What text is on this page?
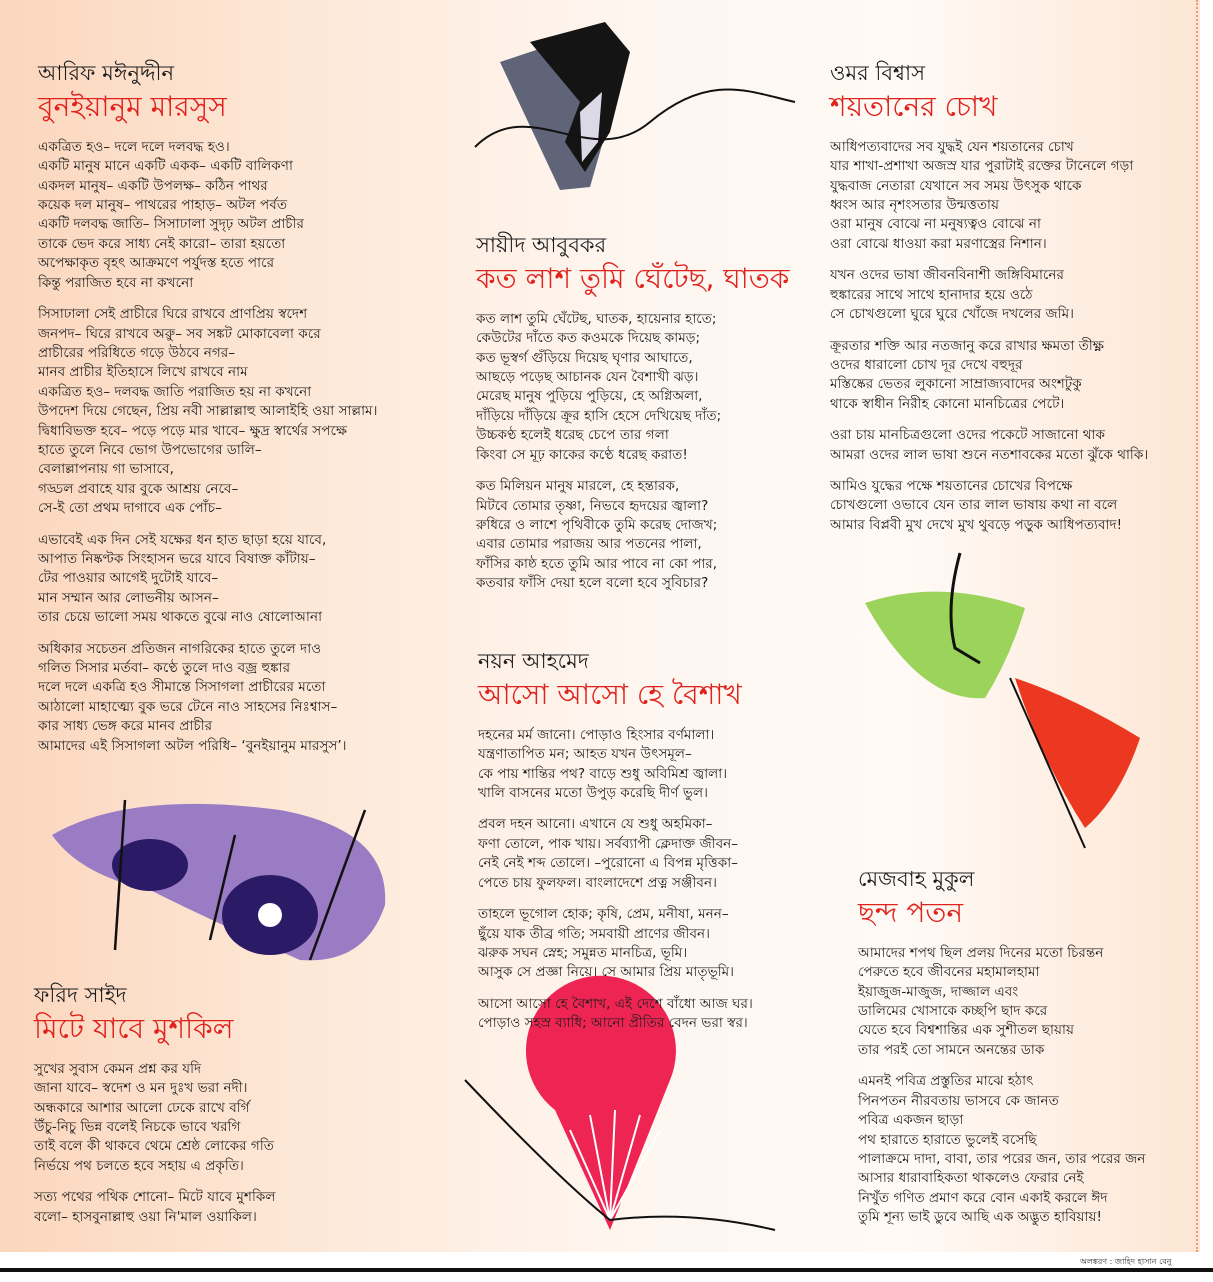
আরিফ মঈনুদ্দীন
বুনইয়ানুম মারসুস
একত্রিত হও– দলে দলে দলবদ্ধ হও।
একটি মানুষ মানে একটি একক– একটি বালিকণা
একদল মানুষ– একটি উপলক্ষ– কঠিন পাথর
কয়েক দল মানুষ– পাথরের পাহাড়– অটল পর্বত
একটি দলবদ্ধ জাতি– সিসাঢালা সুদৃঢ় অটল প্রাচীর
তাকে ভেদ করে সাধ্য নেই কারো– তারা হয়তো
অপেক্ষাকৃত বৃহৎ আক্রমণে পর্যুদস্ত হতে পারে
কিন্তু পরাজিত হবে না কখনো
সিসাঢালা সেই প্রাচীরে ঘিরে রাখবে প্রাণপ্রিয় স্বদেশ
জনপদ– ঘিরে রাখবে অরুু– সব সঙ্কট মোকাবেলা করে
প্রাচীরের পরিধিতে গড়ে উঠবে নগর–
মানব প্রাচীর ইতিহাসে লিখে রাখবে নাম
একত্রিত হও– দলবদ্ধ জাতি পরাজিত হয় না কখনো
উপদেশ দিয়ে গেছেন, প্রিয় নবী সাল্লাল্লাহু আলাইহি ওয়া সাল্লাম।
দ্বিধাবিভক্ত হবে– পড়ে পড়ে মার খাবে– ক্ষুদ্র স্বার্থের সপক্ষে
হাতে তুলে নিবে ভোগ উপভোগের ডালি–
বেলাল্লাপনায় গা ভাসাবে,
গড্ডল প্রবাহে যার বুকে আশ্রয় নেবে–
সে-ই তো প্রথম দাগাবে এক পোঁচ–
এভাবেই এক দিন সেই যক্ষের ধন হাত ছাড়া হয়ে যাবে,
আপাত নিষ্কণ্টক সিংহাসন ভরে যাবে বিষাক্ত কাঁটায়–
টের পাওয়ার আগেই দুটোই যাবে–
মান সম্মান আর লোভনীয় আসন–
তার চেয়ে ভালো সময় থাকতে বুঝে নাও ষোলোআনা
অধিকার সচেতন প্রতিজন নাগরিকের হাতে তুলে দাও
গলিত সিসার মর্তবা– কণ্ঠে তুলে দাও বজ্র হুঙ্কার
দলে দলে একত্রি হও সীমান্তে সিসাগলা প্রাচীরের মতো
আঠালো মাহাত্ম্যে বুক ভরে টেনে নাও সাহসের নিঃশ্বাস–
কার সাধ্য ভেঙ্গ করে মানব প্রাচীর
আমাদের এই সিসাগলা অটল পরিধি– ‘বুনইয়ানুম মারসুস’।
সায়ীদ আবুবকর
কত লাশ তুমি ঘেঁটেছ, ঘাতক
কত লাশ তুমি ঘেঁটেছ, ঘাতক, হায়েনার হাতে;
কেউটের দাঁতে কত কওমকে দিয়েছ কামড়;
কত ভূস্বর্গ গুঁড়িয়ে দিয়েছ ঘৃণার আঘাতে,
আছড়ে পড়েছ আচানক যেন বৈশাখী ঝড়।
মেরেছ মানুষ পুড়িয়ে পুড়িয়ে, হে অগ্নিঅলা,
দাঁড়িয়ে দাঁড়িয়ে ক্রূর হাসি হেসে দেখিয়েছ দাঁত;
উচ্চকণ্ঠ হলেই ধরেছ চেপে তার গলা
কিংবা সে মূঢ় কাকের কণ্ঠে ধরেছ করাত!
কত মিলিয়ন মানুষ মারলে, হে হন্তারক,
মিটবে তোমার তৃষ্ণা, নিভবে হৃদয়ের জ্বালা?
রুধিরে ও লাশে পৃথিবীকে তুমি করেছ দোজখ;
এবার তোমার পরাজয় আর পতনের পালা,
ফাঁসির কাষ্ঠ হতে তুমি আর পাবে না কো পার,
কতবার ফাঁসি দেয়া হলে বলো হবে সুবিচার?
নয়ন আহমেদ
আসো আসো হে বৈশাখ
দহনের মর্ম জানো। পোড়াও হিংসার বর্ণমালা।
যন্ত্রণাতাপিত মন; আহত যখন উৎসমূল–
কে পায় শান্তির পথ? বাড়ে শুধু অবিমিশ্র জ্বালা।
খালি বাসনের মতো উপুড় করেছি দীর্ণ ভুল।
প্রবল দহন আনো। এখানে যে শুধু অহমিকা–
ফণা তোলে, পাক খায়। সর্বব্যাপী ক্লেদাক্ত জীবন–
নেই নেই শব্দ তোলে। –পুরোনো এ বিপন্ন মৃত্তিকা–
পেতে চায় ফুলফল। বাংলাদেশে প্রত্ন সঞ্জীবন।
তাহলে ভূগোল হোক; কৃষি, প্রেম, মনীষা, মনন–
ছুঁয়ে যাক তীব্র গতি; সমবায়ী প্রাণের জীবন।
ঝরুক সঘন স্নেহ; সমুন্নত মানচিত্র, ভূমি।
আসুক সে প্রজ্ঞা নিয়ে। সে আমার প্রিয় মাতৃভূমি।
আসো আসো হে বৈশাখ, এই দেশে বাঁধো আজ ঘর।
পোড়াও সহস্র ব্যাধি; আনো প্রীতির বেদন ভরা স্বর।
ওমর বিশ্বাস
শয়তানের চোখ
আধিপত্যবাদের সব যুদ্ধই যেন শয়তানের চোখ
যার শাখা-প্রশাখা অজস্র যার পুরাটাই রক্তের টানেলে গড়া
যুদ্ধবাজ নেতারা যেখানে সব সময় উৎসুক থাকে
ধ্বংস আর নৃশংসতার উন্মত্ততায়
ওরা মানুষ বোঝে না মনুষ্যত্বও বোঝে না
ওরা বোঝে ধাওয়া করা মরণাস্ত্রের নিশান।
যখন ওদের ভাষা জীবনবিনাশী জঙ্গিবিমানের
হুঙ্কারের সাথে সাথে হানাদার হয়ে ওঠে
সে চোখগুলো ঘুরে ঘুরে খোঁজে দখলের জমি।
ক্রূরতার শক্তি আর নতজানু করে রাখার ক্ষমতা তীক্ষ্ণ
ওদের ধারালো চোখ দূর দেখে বহুদূর
মস্তিষ্কের ভেতর লুকানো সাম্রাজ্যবাদের অংশটুকু
থাকে স্বাধীন নিরীহ কোনো মানচিত্রের পেটে।
ওরা চায় মানচিত্রগুলো ওদের পকেটে সাজানো থাক
আমরা ওদের লাল ভাষা শুনে নতশাবকের মতো ঝুঁকে থাকি।
আমিও যুদ্ধের পক্ষে শয়তানের চোখের বিপক্ষে
চোখগুলো ওভাবে যেন তার লাল ভাষায় কথা না বলে
আমার বিপ্লবী মুখ দেখে মুখ থুবড়ে পড়ুক আধিপত্যবাদ!
মেজবাহ মুকুল
ছন্দ পতন
আমাদের শপথ ছিল প্রলয় দিনের মতো চিরন্তন
পেরুতে হবে জীবনের মহামালহামা
ইয়াজুজ-মাজুজ, দাজ্জাল এবং
ডালিমের খোসাকে কচ্ছপি ছাদ করে
যেতে হবে বিশ্বশান্তির এক সুশীতল ছায়ায়
তার পরই তো সামনে অনন্তের ডাক
এমনই পবিত্র প্রস্তুতির মাঝে হঠাৎ
পিনপতন নীরবতায় ভাসবে কে জানত
পবিত্র একজন ছাড়া
পথ হারাতে হারাতে ভুলেই বসেছি
পালাক্রমে দাদা, বাবা, তার পরের জন, তার পরের জন
আসার ধারাবাহিকতা থাকলেও ফেরার নেই
নিখুঁত গণিত প্রমাণ করে বোন একাই করলে ঈদ
তুমি শূন্য ভাই ডুবে আছি এক অদ্ভুত হাবিয়ায়!
ফরিদ সাইদ
মিটে যাবে মুশকিল
সুখের সুবাস কেমন প্রশ্ন কর যদি
জানা যাবে– স্বদেশ ও মন দুঃখ ভরা নদী।
অন্ধকারে আশার আলো ঢেকে রাখে বর্গি
উঁচু-নিচু ভিন্ন বলেই নিচকে ভাবে খরগি
তাই বলে কী থাকবে থেমে শ্রেষ্ঠ লোকের গতি
নির্ভয়ে পথ চলতে হবে সহায় এ প্রকৃতি।
সত্য পথের পথিক শোনো– মিটে যাবে মুশকিল
বলো– হাসবুনাল্লাহু ওয়া নি'মাল ওয়াকিল।
অলঙ্করণ : জাহিদ হাসান বেনু
